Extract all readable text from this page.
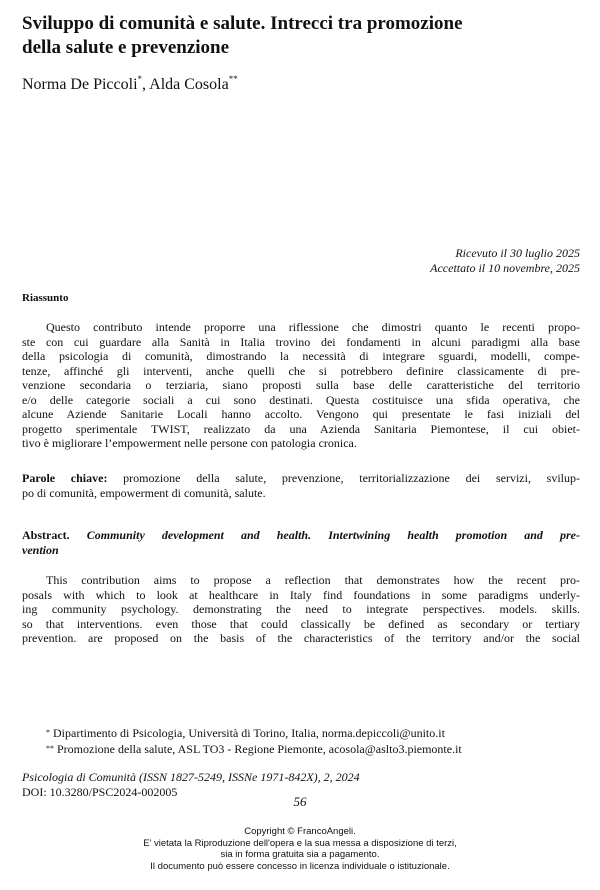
Sviluppo di comunità e salute. Intrecci tra promozione
della salute e prevenzione
Norma De Piccoli*, Alda Cosola**
Ricevuto il 30 luglio 2025
Accettato il 10 novembre, 2025
Riassunto
Questo contributo intende proporre una riflessione che dimostri quanto le recenti propo-
ste con cui guardare alla Sanità in Italia trovino dei fondamenti in alcuni paradigmi alla base
della psicologia di comunità, dimostrando la necessità di integrare sguardi, modelli, compe-
tenze, affinché gli interventi, anche quelli che si potrebbero definire classicamente di pre-
venzione secondaria o terziaria, siano proposti sulla base delle caratteristiche del territorio
e/o delle categorie sociali a cui sono destinati. Questa costituisce una sfida operativa, che
alcune Aziende Sanitarie Locali hanno accolto. Vengono qui presentate le fasi iniziali del
progetto sperimentale TWIST, realizzato da una Azienda Sanitaria Piemontese, il cui obiet-
tivo è migliorare l’empowerment nelle persone con patologia cronica.
Parole chiave: promozione della salute, prevenzione, territorializzazione dei servizi, svilup-
po di comunità, empowerment di comunità, salute.
Abstract. Community development and health. Intertwining health promotion and pre-
vention
This contribution aims to propose a reflection that demonstrates how the recent pro-
posals with which to look at healthcare in Italy find foundations in some paradigms underly-
ing community psychology. demonstrating the need to integrate perspectives. models. skills.
so that interventions. even those that could classically be defined as secondary or tertiary
prevention. are proposed on the basis of the characteristics of the territory and/or the social
* Dipartimento di Psicologia, Università di Torino, Italia, norma.depiccoli@unito.it
** Promozione della salute, ASL TO3 - Regione Piemonte, acosola@aslto3.piemonte.it
Psicologia di Comunità (ISSN 1827-5249, ISSNe 1971-842X), 2, 2024
DOI: 10.3280/PSC2024-002005
56
Copyright © FrancoAngeli.
E' vietata la Riproduzione dell'opera e la sua messa a disposizione di terzi,
sia in forma gratuita sia a pagamento.
Il documento può essere concesso in licenza individuale o istituzionale.
